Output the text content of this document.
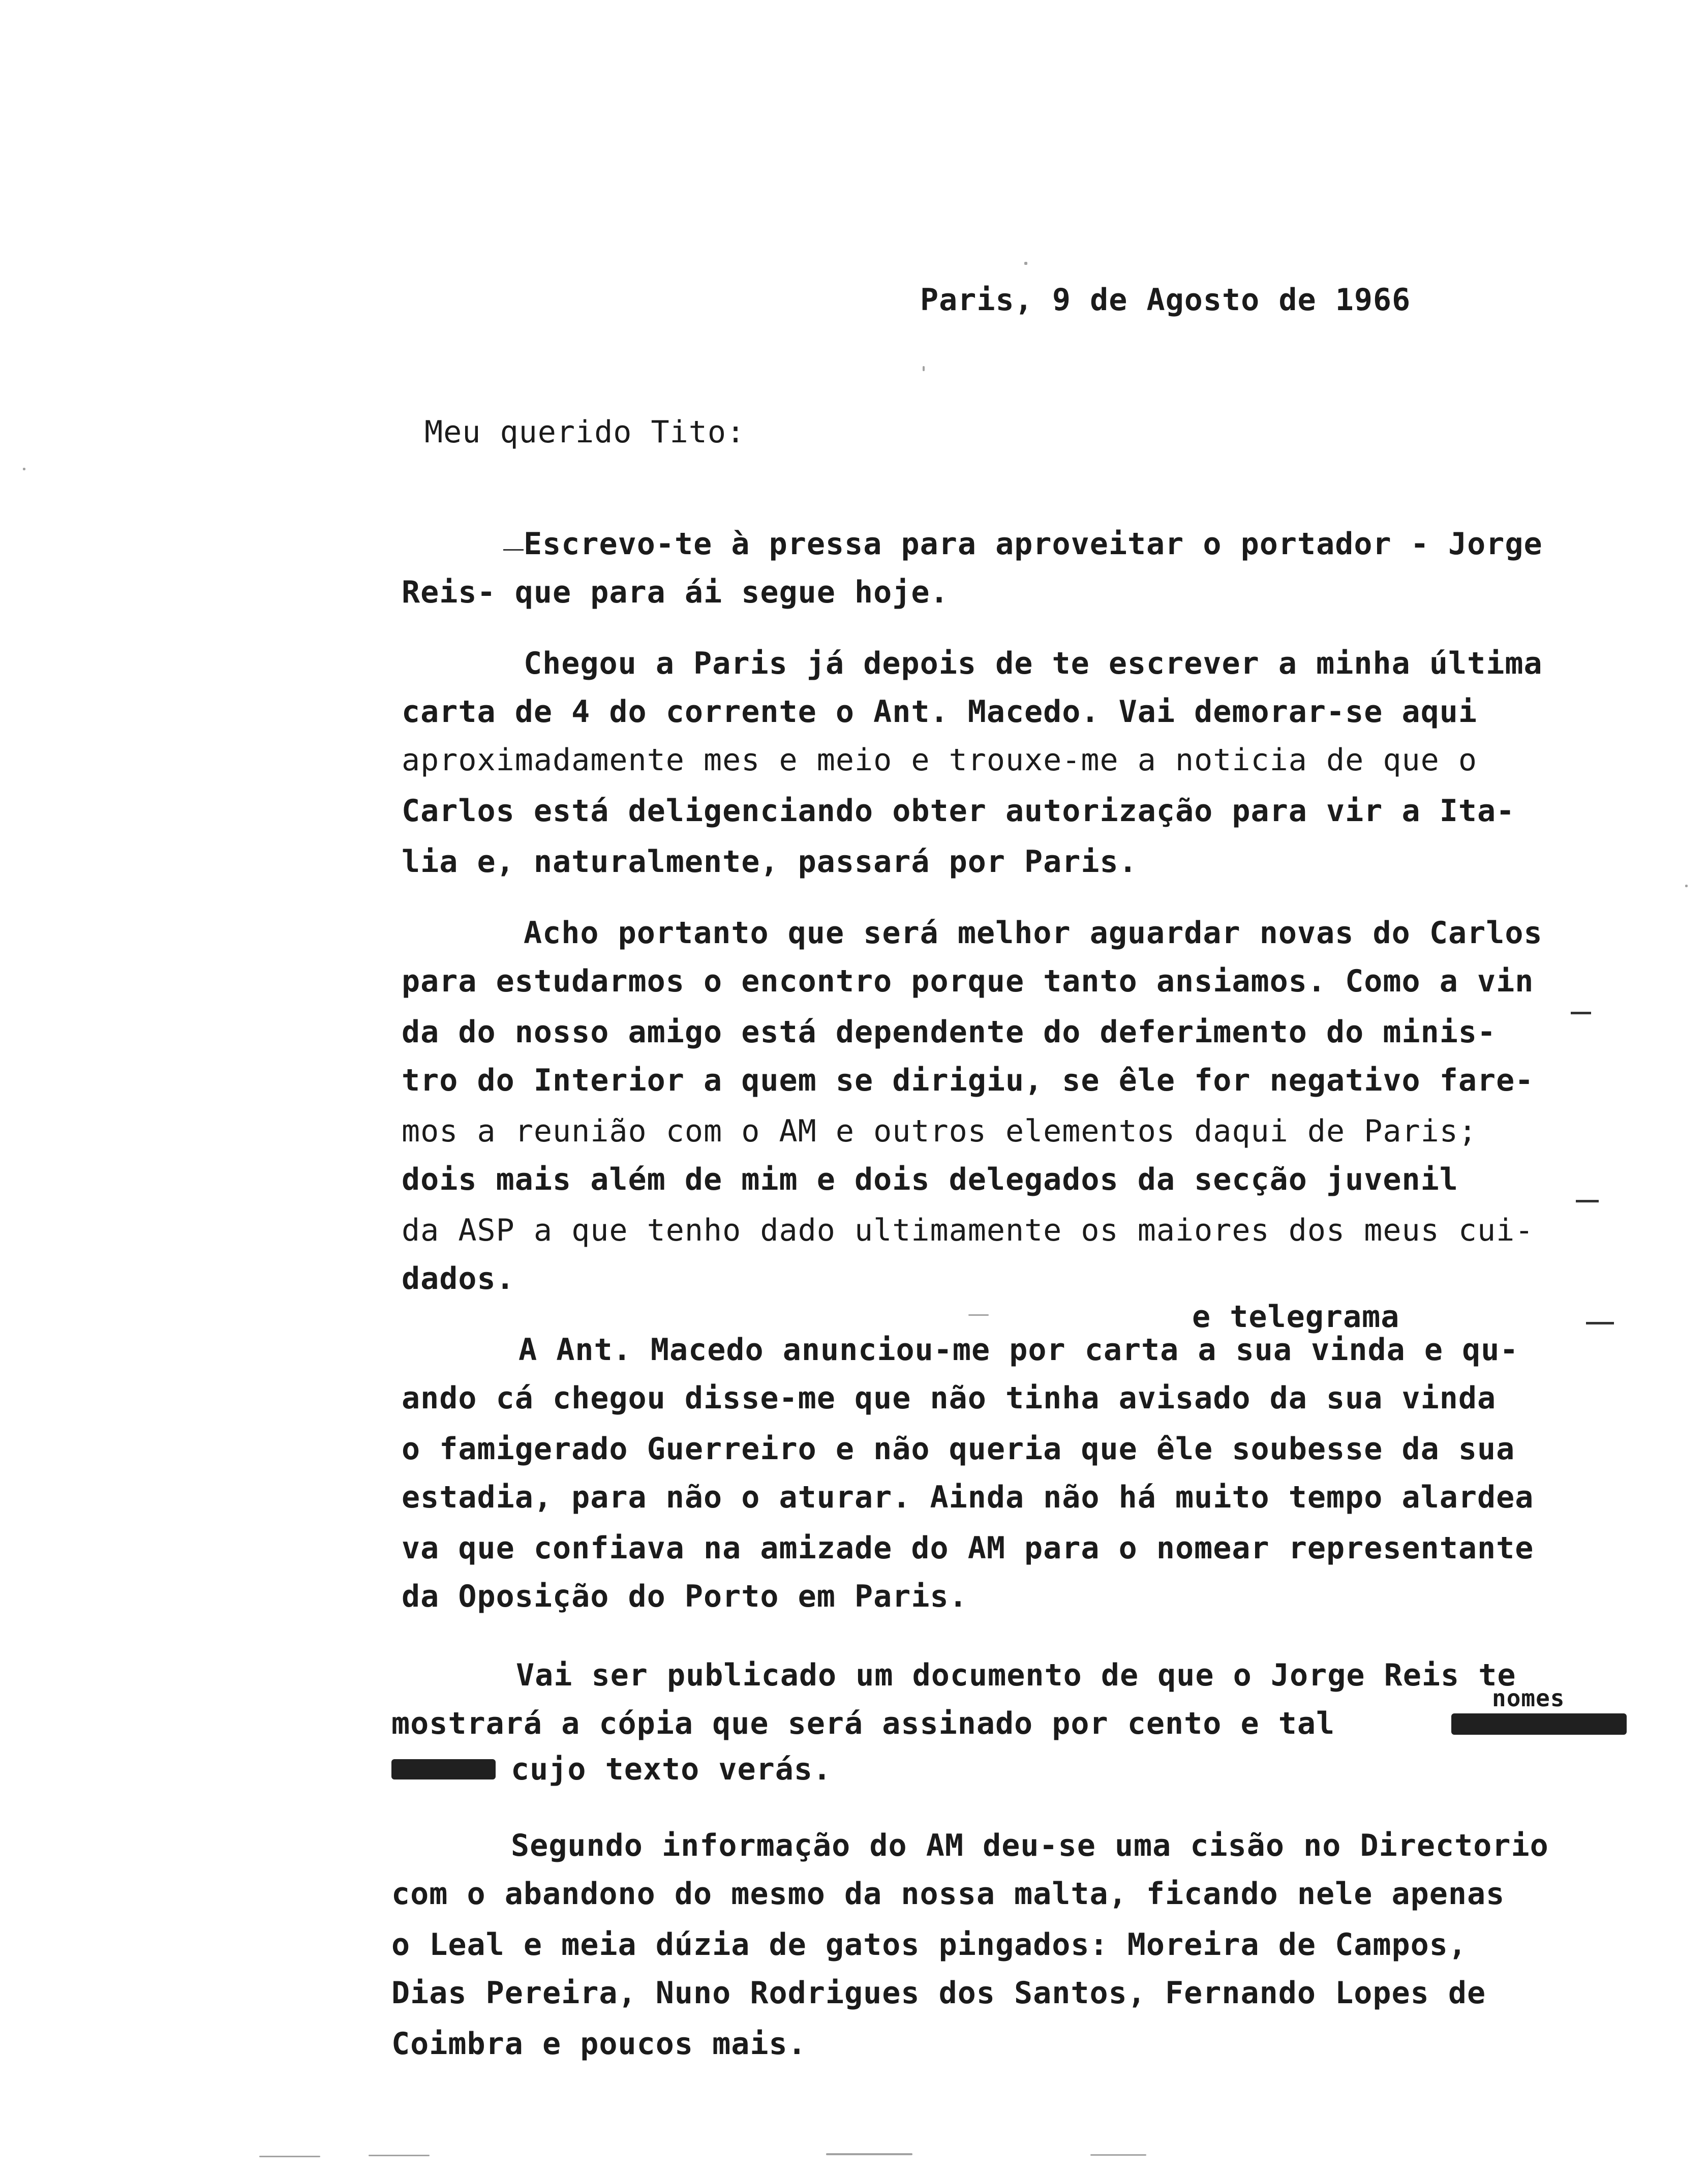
Paris, 9 de Agosto de 1966
Meu querido Tito:
Escrevo-te à pressa para aproveitar o portador - Jorge
Reis- que para ái segue hoje.
Chegou a Paris já depois de te escrever a minha última
carta de 4 do corrente o Ant. Macedo. Vai demorar-se aqui
aproximadamente mes e meio e trouxe-me a noticia de que o
Carlos está deligenciando obter autorização para vir a Ita-
lia e, naturalmente, passará por Paris.
Acho portanto que será melhor aguardar novas do Carlos
para estudarmos o encontro porque tanto ansiamos. Como a vin
da do nosso amigo está dependente do deferimento do minis-
tro do Interior a quem se dirigiu, se êle for negativo fare-
mos a reunião com o AM e outros elementos daqui de Paris;
dois mais além de mim e dois delegados da secção juvenil
da ASP a que tenho dado ultimamente os maiores dos meus cui-
dados.
e telegrama
A Ant. Macedo anunciou-me por carta a sua vinda e qu-
ando cá chegou disse-me que não tinha avisado da sua vinda
o famigerado Guerreiro e não queria que êle soubesse da sua
estadia, para não o aturar. Ainda não há muito tempo alardea
va que confiava na amizade do AM para o nomear representante
da Oposição do Porto em Paris.
Vai ser publicado um documento de que o Jorge Reis te
mostrará a cópia que será assinado por cento e tal
nomes
cujo texto verás.
Segundo informação do AM deu-se uma cisão no Directorio
com o abandono do mesmo da nossa malta, ficando nele apenas
o Leal e meia dúzia de gatos pingados: Moreira de Campos,
Dias Pereira, Nuno Rodrigues dos Santos, Fernando Lopes de
Coimbra e poucos mais.
